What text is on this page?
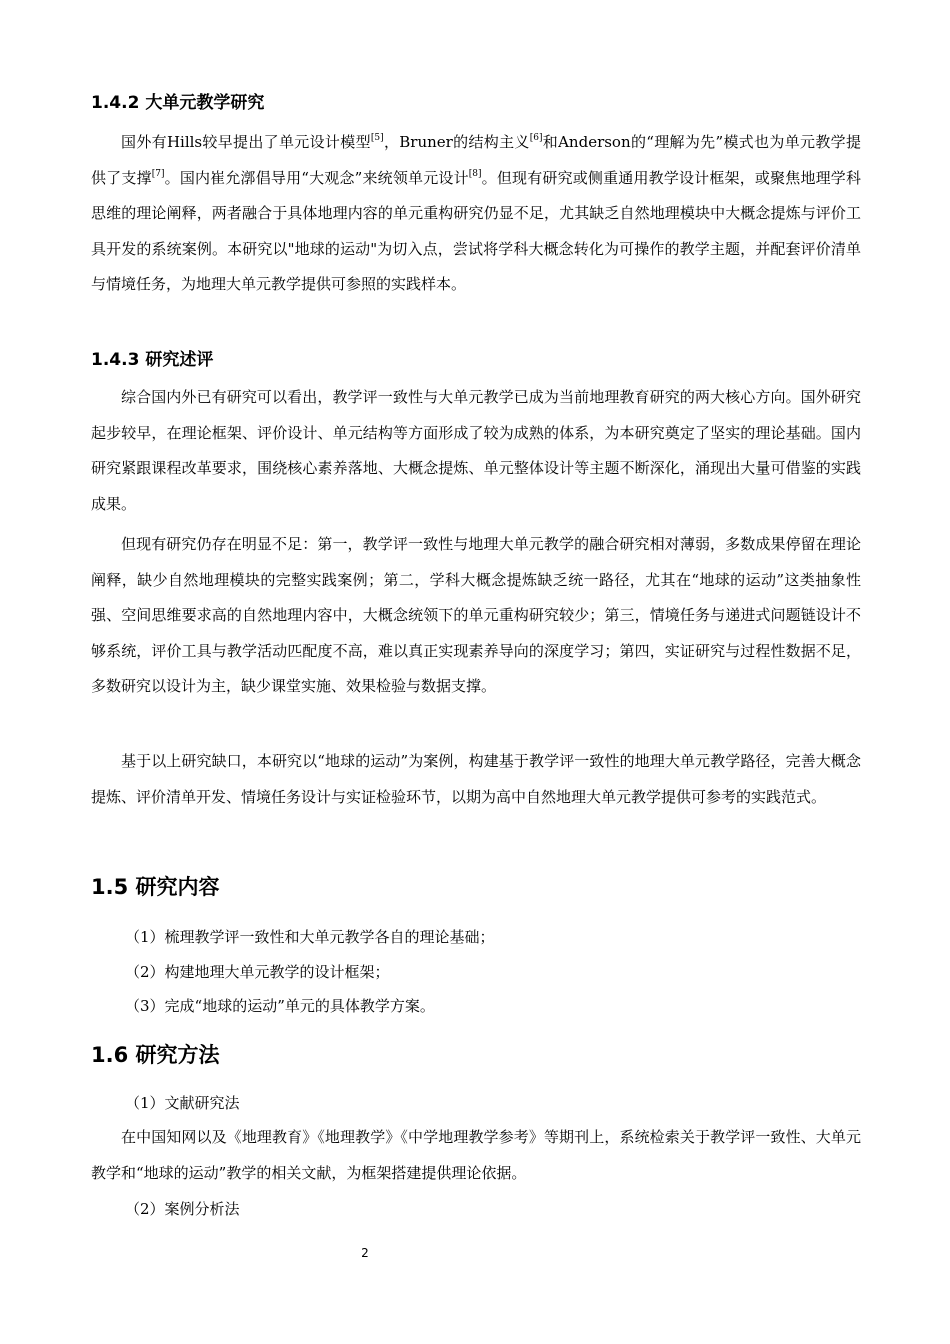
1.4.2 大单元教学研究

国外有Hills较早提出了单元设计模型[5]，Bruner的结构主义[6]和Anderson的“理解为先”模式也为单元教学提供了支撑[7]。国内崔允漷倡导用“大观念”来统领单元设计[8]。但现有研究或侧重通用教学设计框架，或聚焦地理学科思维的理论阐释，两者融合于具体地理内容的单元重构研究仍显不足，尤其缺乏自然地理模块中大概念提炼与评价工具开发的系统案例。本研究以"地球的运动"为切入点，尝试将学科大概念转化为可操作的教学主题，并配套评价清单与情境任务，为地理大单元教学提供可参照的实践样本。

1.4.3 研究述评

综合国内外已有研究可以看出，教学评一致性与大单元教学已成为当前地理教育研究的两大核心方向。国外研究起步较早，在理论框架、评价设计、单元结构等方面形成了较为成熟的体系，为本研究奠定了坚实的理论基础。国内研究紧跟课程改革要求，围绕核心素养落地、大概念提炼、单元整体设计等主题不断深化，涌现出大量可借鉴的实践成果。

但现有研究仍存在明显不足：第一，教学评一致性与地理大单元教学的融合研究相对薄弱，多数成果停留在理论阐释，缺少自然地理模块的完整实践案例；第二，学科大概念提炼缺乏统一路径，尤其在“地球的运动”这类抽象性强、空间思维要求高的自然地理内容中，大概念统领下的单元重构研究较少；第三，情境任务与递进式问题链设计不够系统，评价工具与教学活动匹配度不高，难以真正实现素养导向的深度学习；第四，实证研究与过程性数据不足，多数研究以设计为主，缺少课堂实施、效果检验与数据支撑。

基于以上研究缺口，本研究以“地球的运动”为案例，构建基于教学评一致性的地理大单元教学路径，完善大概念提炼、评价清单开发、情境任务设计与实证检验环节，以期为高中自然地理大单元教学提供可参考的实践范式。

1.5 研究内容
（1）梳理教学评一致性和大单元教学各自的理论基础；
（2）构建地理大单元教学的设计框架；
（3）完成“地球的运动”单元的具体教学方案。
1.6 研究方法
（1）文献研究法

在中国知网以及《地理教育》《地理教学》《中学地理教学参考》等期刊上，系统检索关于教学评一致性、大单元教学和“地球的运动”教学的相关文献，为框架搭建提供理论依据。

（2）案例分析法
2
